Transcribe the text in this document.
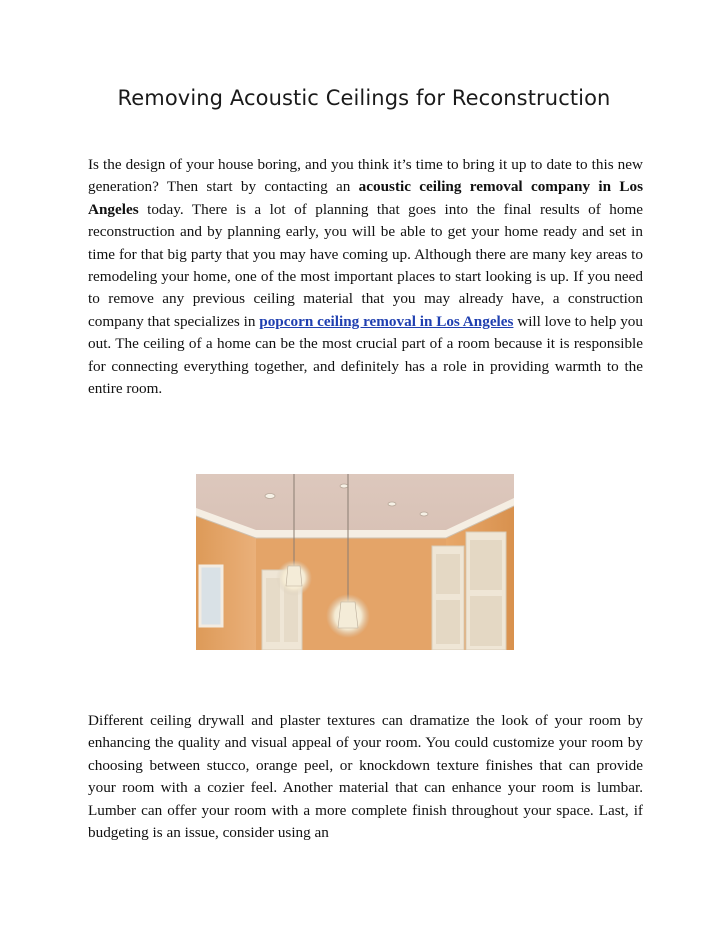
Removing Acoustic Ceilings for Reconstruction

Is the design of your house boring, and you think it’s time to bring it up to date to this new generation? Then start by contacting an acoustic ceiling removal company in Los Angeles today. There is a lot of planning that goes into the final results of home reconstruction and by planning early, you will be able to get your home ready and set in time for that big party that you may have coming up. Although there are many key areas to remodeling your home, one of the most important places to start looking is up. If you need to remove any previous ceiling material that you may already have, a construction company that specializes in popcorn ceiling removal in Los Angeles will love to help you out. The ceiling of a home can be the most crucial part of a room because it is responsible for connecting everything together, and definitely has a role in providing warmth to the entire room.

Different ceiling drywall and plaster textures can dramatize the look of your room by enhancing the quality and visual appeal of your room. You could customize your room by choosing between stucco, orange peel, or knockdown texture finishes that can provide your room with a cozier feel. Another material that can enhance your room is lumbar. Lumber can offer your room with a more complete finish throughout your space. Last, if budgeting is an issue, consider using an
